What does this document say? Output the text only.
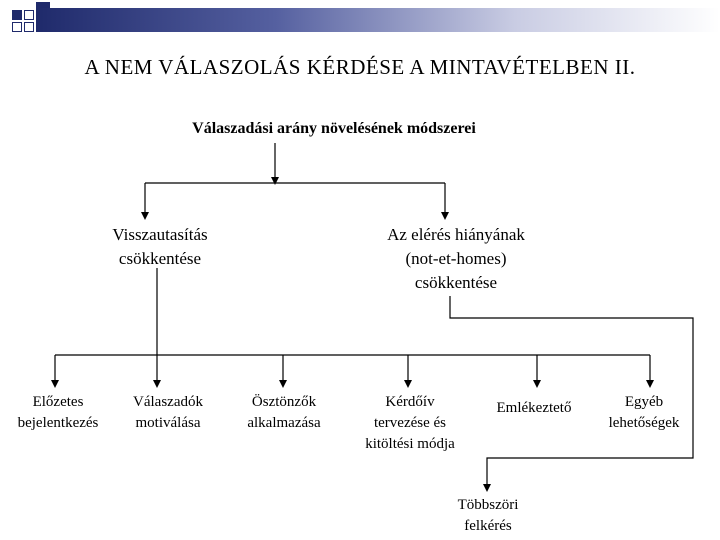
A NEM VÁLASZOLÁS KÉRDÉSE A MINTAVÉTELBEN II.
Válaszadási arány növelésének módszerei
Visszautasítás
csökkentése
Az elérés hiányának
(not-et-homes)
csökkentése
Előzetes
bejelentkezés
Válaszadók
motiválása
Ösztönzők
alkalmazása
Kérdőív
tervezése és
kitöltési módja
Emlékeztető	Egyéb
lehetőségek
Többszöri
felkérés
